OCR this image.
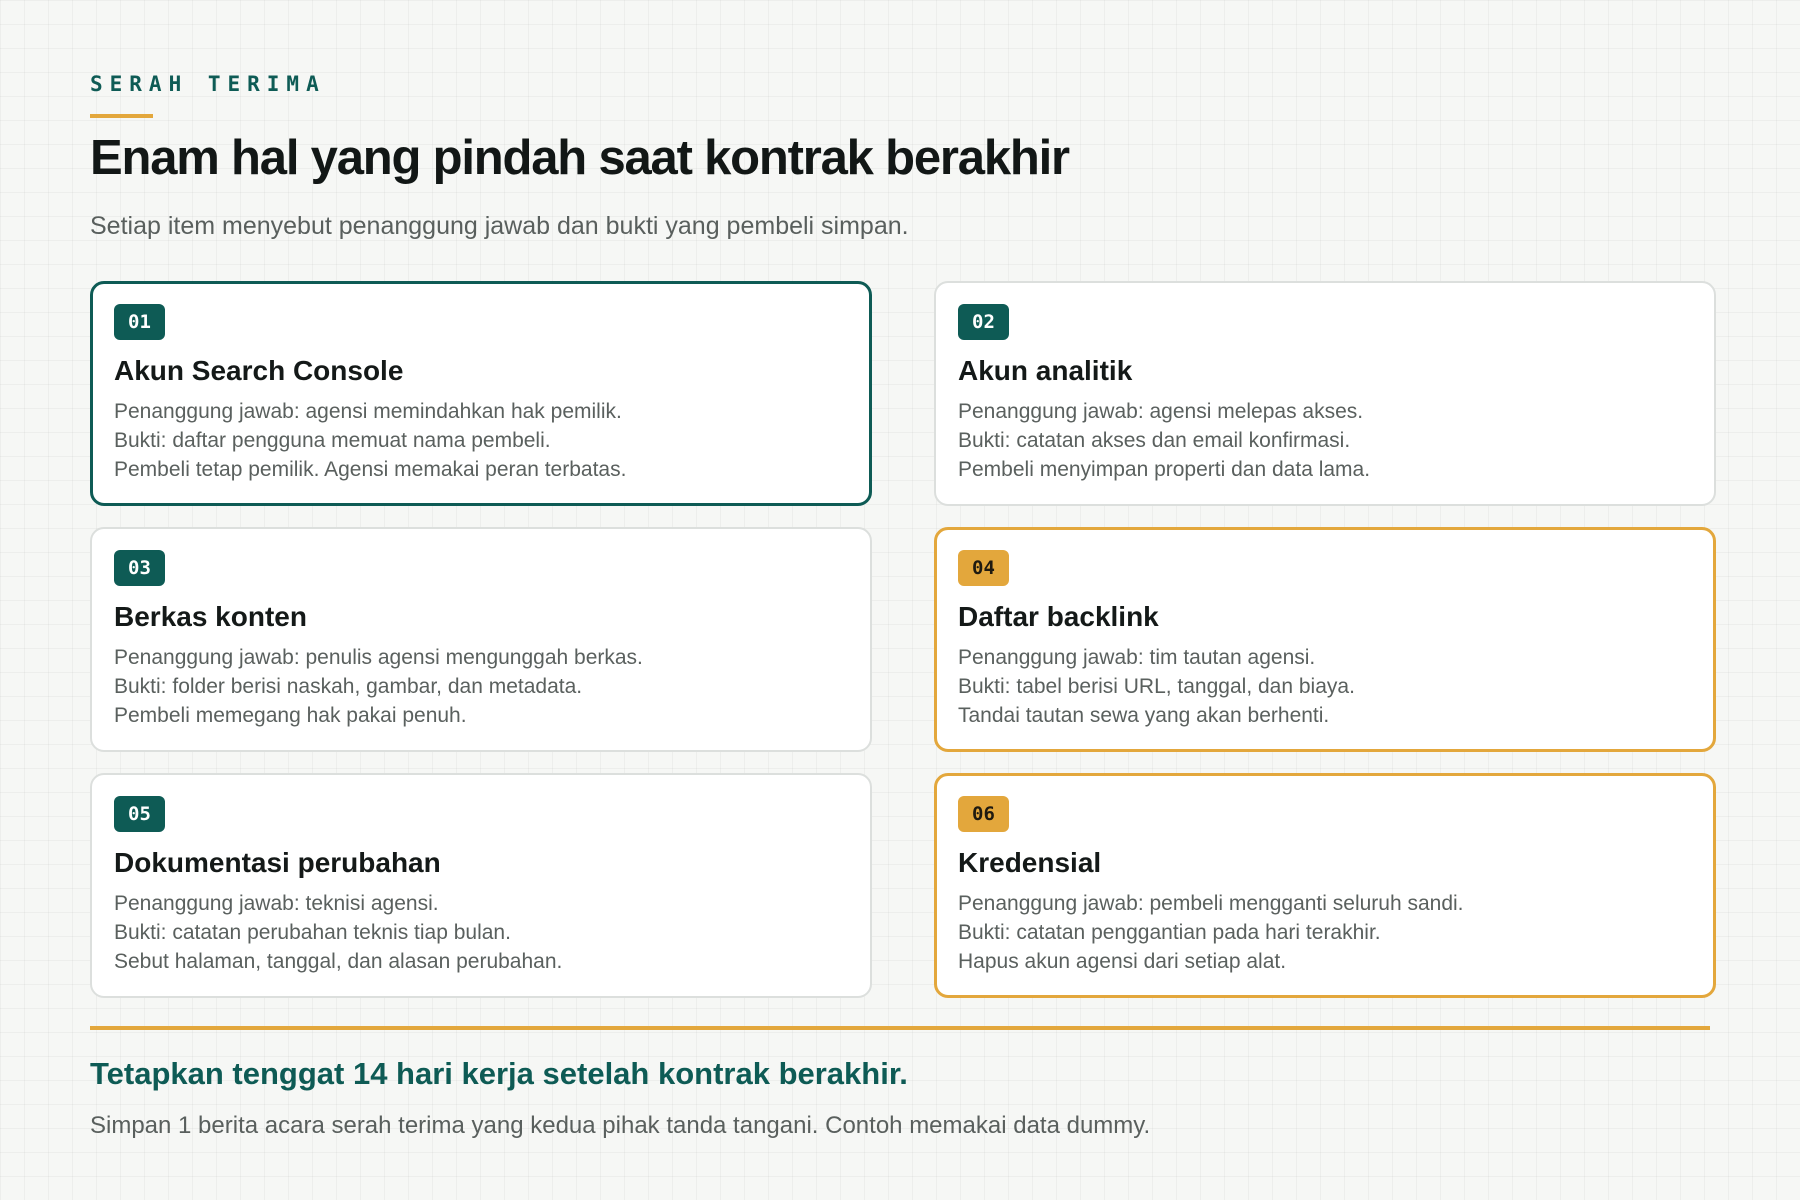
SERAH TERIMA
Enam hal yang pindah saat kontrak berakhir
Setiap item menyebut penanggung jawab dan bukti yang pembeli simpan.
01
Akun Search Console
Penanggung jawab: agensi memindahkan hak pemilik.
Bukti: daftar pengguna memuat nama pembeli.
Pembeli tetap pemilik. Agensi memakai peran terbatas.
02
Akun analitik
Penanggung jawab: agensi melepas akses.
Bukti: catatan akses dan email konfirmasi.
Pembeli menyimpan properti dan data lama.
03
Berkas konten
Penanggung jawab: penulis agensi mengunggah berkas.
Bukti: folder berisi naskah, gambar, dan metadata.
Pembeli memegang hak pakai penuh.
04
Daftar backlink
Penanggung jawab: tim tautan agensi.
Bukti: tabel berisi URL, tanggal, dan biaya.
Tandai tautan sewa yang akan berhenti.
05
Dokumentasi perubahan
Penanggung jawab: teknisi agensi.
Bukti: catatan perubahan teknis tiap bulan.
Sebut halaman, tanggal, dan alasan perubahan.
06
Kredensial
Penanggung jawab: pembeli mengganti seluruh sandi.
Bukti: catatan penggantian pada hari terakhir.
Hapus akun agensi dari setiap alat.
Tetapkan tenggat 14 hari kerja setelah kontrak berakhir.
Simpan 1 berita acara serah terima yang kedua pihak tanda tangani. Contoh memakai data dummy.
